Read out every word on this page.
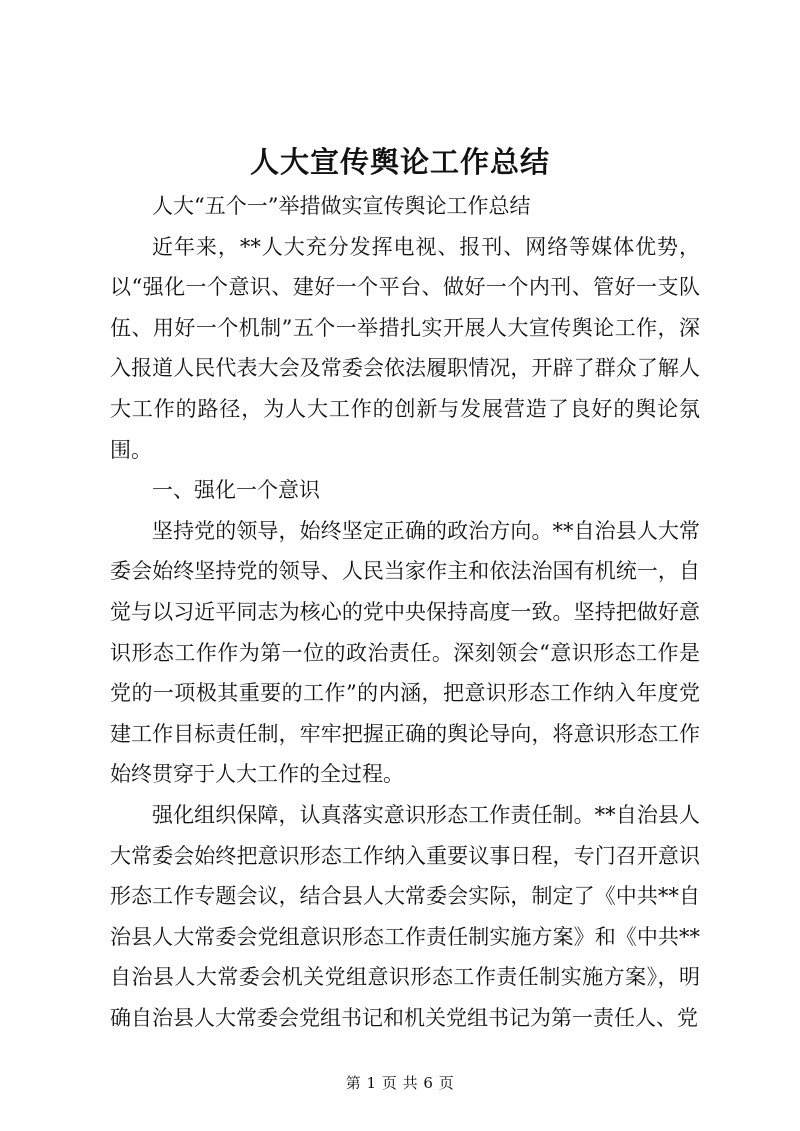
人大宣传舆论工作总结

人大“五个一”举措做实宣传舆论工作总结

近年来，**人大充分发挥电视、报刊、网络等媒体优势，以“强化一个意识、建好一个平台、做好一个内刊、管好一支队伍、用好一个机制”五个一举措扎实开展人大宣传舆论工作，深入报道人民代表大会及常委会依法履职情况，开辟了群众了解人大工作的路径，为人大工作的创新与发展营造了良好的舆论氛围。

一、强化一个意识

坚持党的领导，始终坚定正确的政治方向。**自治县人大常委会始终坚持党的领导、人民当家作主和依法治国有机统一，自觉与以习近平同志为核心的党中央保持高度一致。坚持把做好意识形态工作作为第一位的政治责任。深刻领会“意识形态工作是党的一项极其重要的工作”的内涵，把意识形态工作纳入年度党建工作目标责任制，牢牢把握正确的舆论导向，将意识形态工作始终贯穿于人大工作的全过程。

强化组织保障，认真落实意识形态工作责任制。**自治县人大常委会始终把意识形态工作纳入重要议事日程，专门召开意识形态工作专题会议，结合县人大常委会实际，制定了《中共**自治县人大常委会党组意识形态工作责任制实施方案》和《中共**自治县人大常委会机关党组意识形态工作责任制实施方案》，明确自治县人大常委会党组书记和机关党组书记为第一责任人、党

第 1 页 共 6 页
